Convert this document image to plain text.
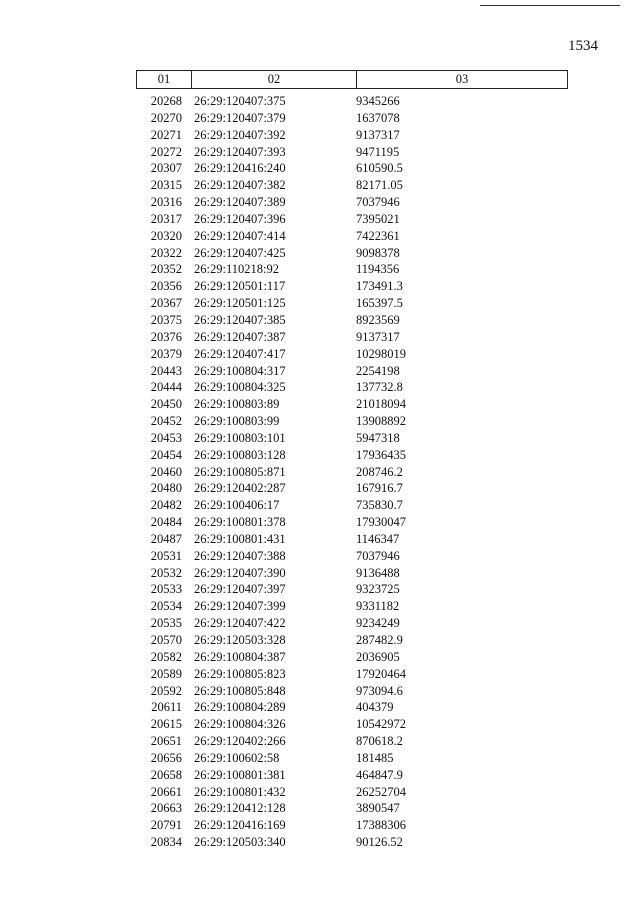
1534
01	02	03
20268 26:29:120407:375	9345266
20270 26:29:120407:379	1637078
20271 26:29:120407:392	9137317
20272 26:29:120407:393	9471195
20307 26:29:120416:240	610590.5
20315 26:29:120407:382	82171.05
20316 26:29:120407:389	7037946
20317 26:29:120407:396	7395021
20320 26:29:120407:414	7422361
20322 26:29:120407:425	9098378
20352 26:29:110218:92	1194356
20356 26:29:120501:117	173491.3
20367 26:29:120501:125	165397.5
20375 26:29:120407:385	8923569
20376 26:29:120407:387	9137317
20379 26:29:120407:417	10298019
20443 26:29:100804:317	2254198
20444 26:29:100804:325	137732.8
20450 26:29:100803:89	21018094
20452 26:29:100803:99	13908892
20453 26:29:100803:101	5947318
20454 26:29:100803:128	17936435
20460 26:29:100805:871	208746.2
20480 26:29:120402:287	167916.7
20482 26:29:100406:17	735830.7
20484 26:29:100801:378	17930047
20487 26:29:100801:431	1146347
20531 26:29:120407:388	7037946
20532 26:29:120407:390	9136488
20533 26:29:120407:397	9323725
20534 26:29:120407:399	9331182
20535 26:29:120407:422	9234249
20570 26:29:120503:328	287482.9
20582 26:29:100804:387	2036905
20589 26:29:100805:823	17920464
20592 26:29:100805:848	973094.6
20611 26:29:100804:289	404379
20615 26:29:100804:326	10542972
20651 26:29:120402:266	870618.2
20656 26:29:100602:58	181485
20658 26:29:100801:381	464847.9
20661 26:29:100801:432	26252704
20663 26:29:120412:128	3890547
20791 26:29:120416:169	17388306
20834 26:29:120503:340	90126.52
